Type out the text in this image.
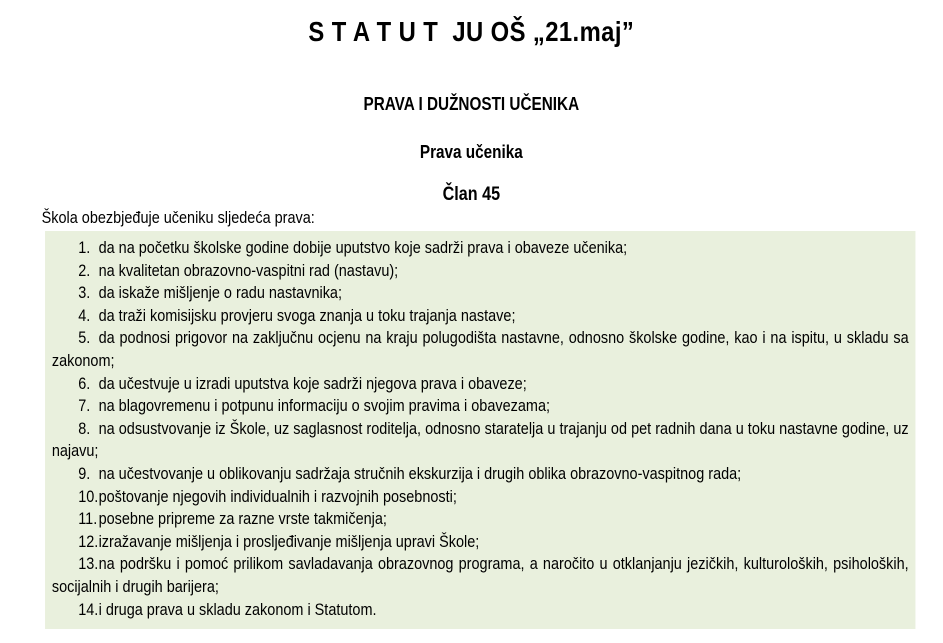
S T A T U T  JU OŠ „21.maj”
PRAVA I DUŽNOSTI UČENIKA
Prava učenika
Član 45
Škola obezbjeđuje učeniku sljedeća prava:

1. da na početku školske godine dobije uputstvo koje sadrži prava i obaveze učenika;

2. na kvalitetan obrazovno-vaspitni rad (nastavu);

3. da iskaže mišljenje o radu nastavnika;

4. da traži komisijsku provjeru svoga znanja u toku trajanja nastave;

5. da podnosi prigovor na zaključnu ocjenu na kraju polugodišta nastavne, odnosno školske godine, kao i na ispitu, u skladu sa zakonom;

6. da učestvuje u izradi uputstva koje sadrži njegova prava i obaveze;

7. na blagovremenu i potpunu informaciju o svojim pravima i obavezama;

8. na odsustvovanje iz Škole, uz saglasnost roditelja, odnosno staratelja u trajanju od pet radnih dana u toku nastavne godine, uz najavu;

9. na učestvovanje u oblikovanju sadržaja stručnih ekskurzija i drugih oblika obrazovno-vaspitnog rada;

10.poštovanje njegovih individualnih i razvojnih posebnosti;

11.posebne pripreme za razne vrste takmičenja;

12.izražavanje mišljenja i prosljeđivanje mišljenja upravi Škole;

13.na podršku i pomoć prilikom savladavanja obrazovnog programa, a naročito u otklanjanju jezičkih, kulturoloških, psiholoških, socijalnih i drugih barijera;

14.i druga prava u skladu zakonom i Statutom.
